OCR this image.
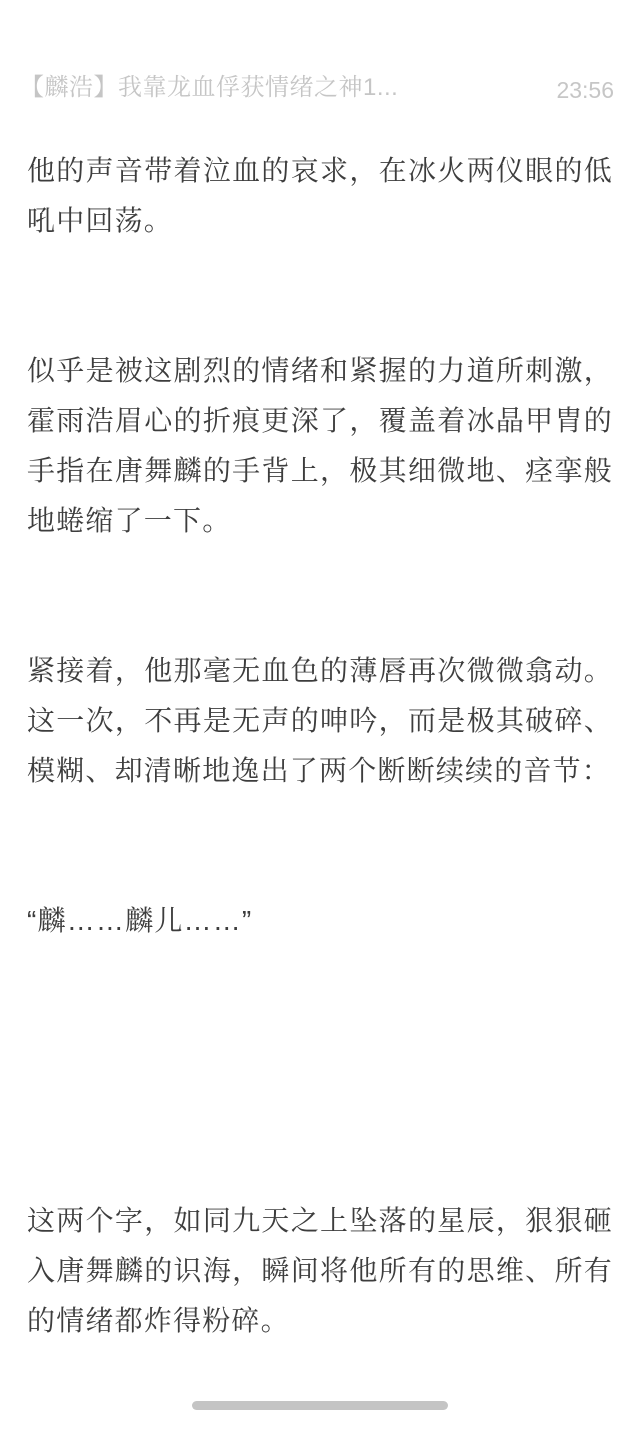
【麟浩】我靠龙血俘获情绪之神1...	23:56

他的声音带着泣血的哀求，在冰火两仪眼的低吼中回荡。

似乎是被这剧烈的情绪和紧握的力道所刺激，霍雨浩眉心的折痕更深了，覆盖着冰晶甲胄的手指在唐舞麟的手背上，极其细微地、痉挛般地蜷缩了一下。

紧接着，他那毫无血色的薄唇再次微微翕动。这一次，不再是无声的呻吟，而是极其破碎、模糊、却清晰地逸出了两个断断续续的音节：

“麟……麟儿……”

这两个字，如同九天之上坠落的星辰，狠狠砸入唐舞麟的识海，瞬间将他所有的思维、所有的情绪都炸得粉碎。
